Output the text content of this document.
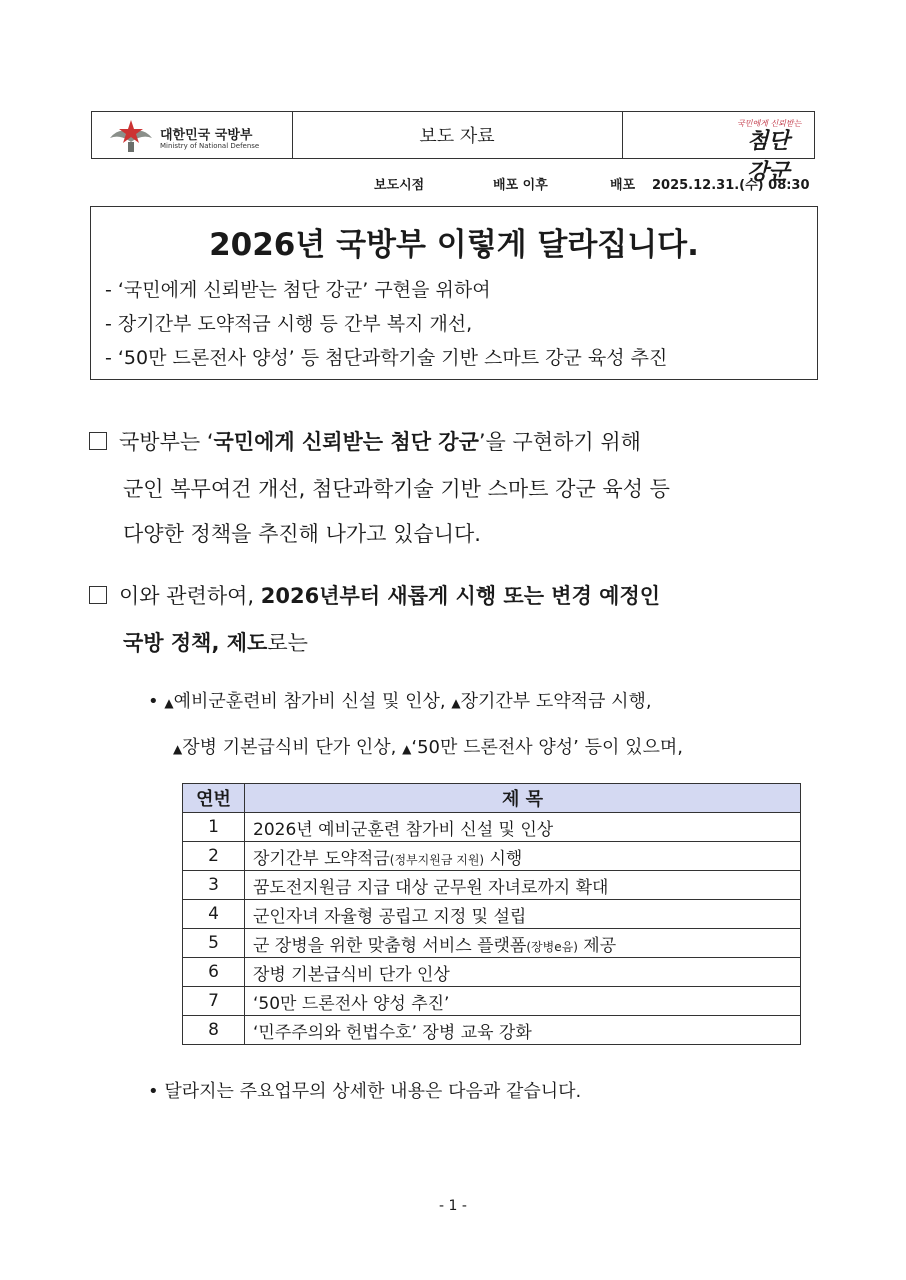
대한민국 국방부
Ministry of National Defense	보도 자료
국민에게 신뢰받는
첨단 강군
보도시점	배포 이후	배포 2025.12.31.(수) 08:30
2026년 국방부 이렇게 달라집니다.
- ‘국민에게 신뢰받는 첨단 강군’ 구현을 위하여
- 장기간부 도약적금 시행 등 간부 복지 개선,
- ‘50만 드론전사 양성’ 등 첨단과학기술 기반 스마트 강군 육성 추진
국방부는 ‘국민에게 신뢰받는 첨단 강군’을 구현하기 위해
군인 복무여건 개선, 첨단과학기술 기반 스마트 강군 육성 등
다양한 정책을 추진해 나가고 있습니다.
이와 관련하여, 2026년부터 새롭게 시행 또는 변경 예정인
국방 정책, 제도로는
• ▲예비군훈련비 참가비 신설 및 인상, ▲장기간부 도약적금 시행,
▲장병 기본급식비 단가 인상, ▲‘50만 드론전사 양성’ 등이 있으며,
연번	제 목
1	2026년 예비군훈련 참가비 신설 및 인상
2	장기간부 도약적금(정부지원금 지원) 시행
3	꿈도전지원금 지급 대상 군무원 자녀로까지 확대
4	군인자녀 자율형 공립고 지정 및 설립
5	군 장병을 위한 맞춤형 서비스 플랫폼(장병e음) 제공
6	장병 기본급식비 단가 인상
7	‘50만 드론전사 양성 추진’
8	‘민주주의와 헌법수호’ 장병 교육 강화
• 달라지는 주요업무의 상세한 내용은 다음과 같습니다.
- 1 -
